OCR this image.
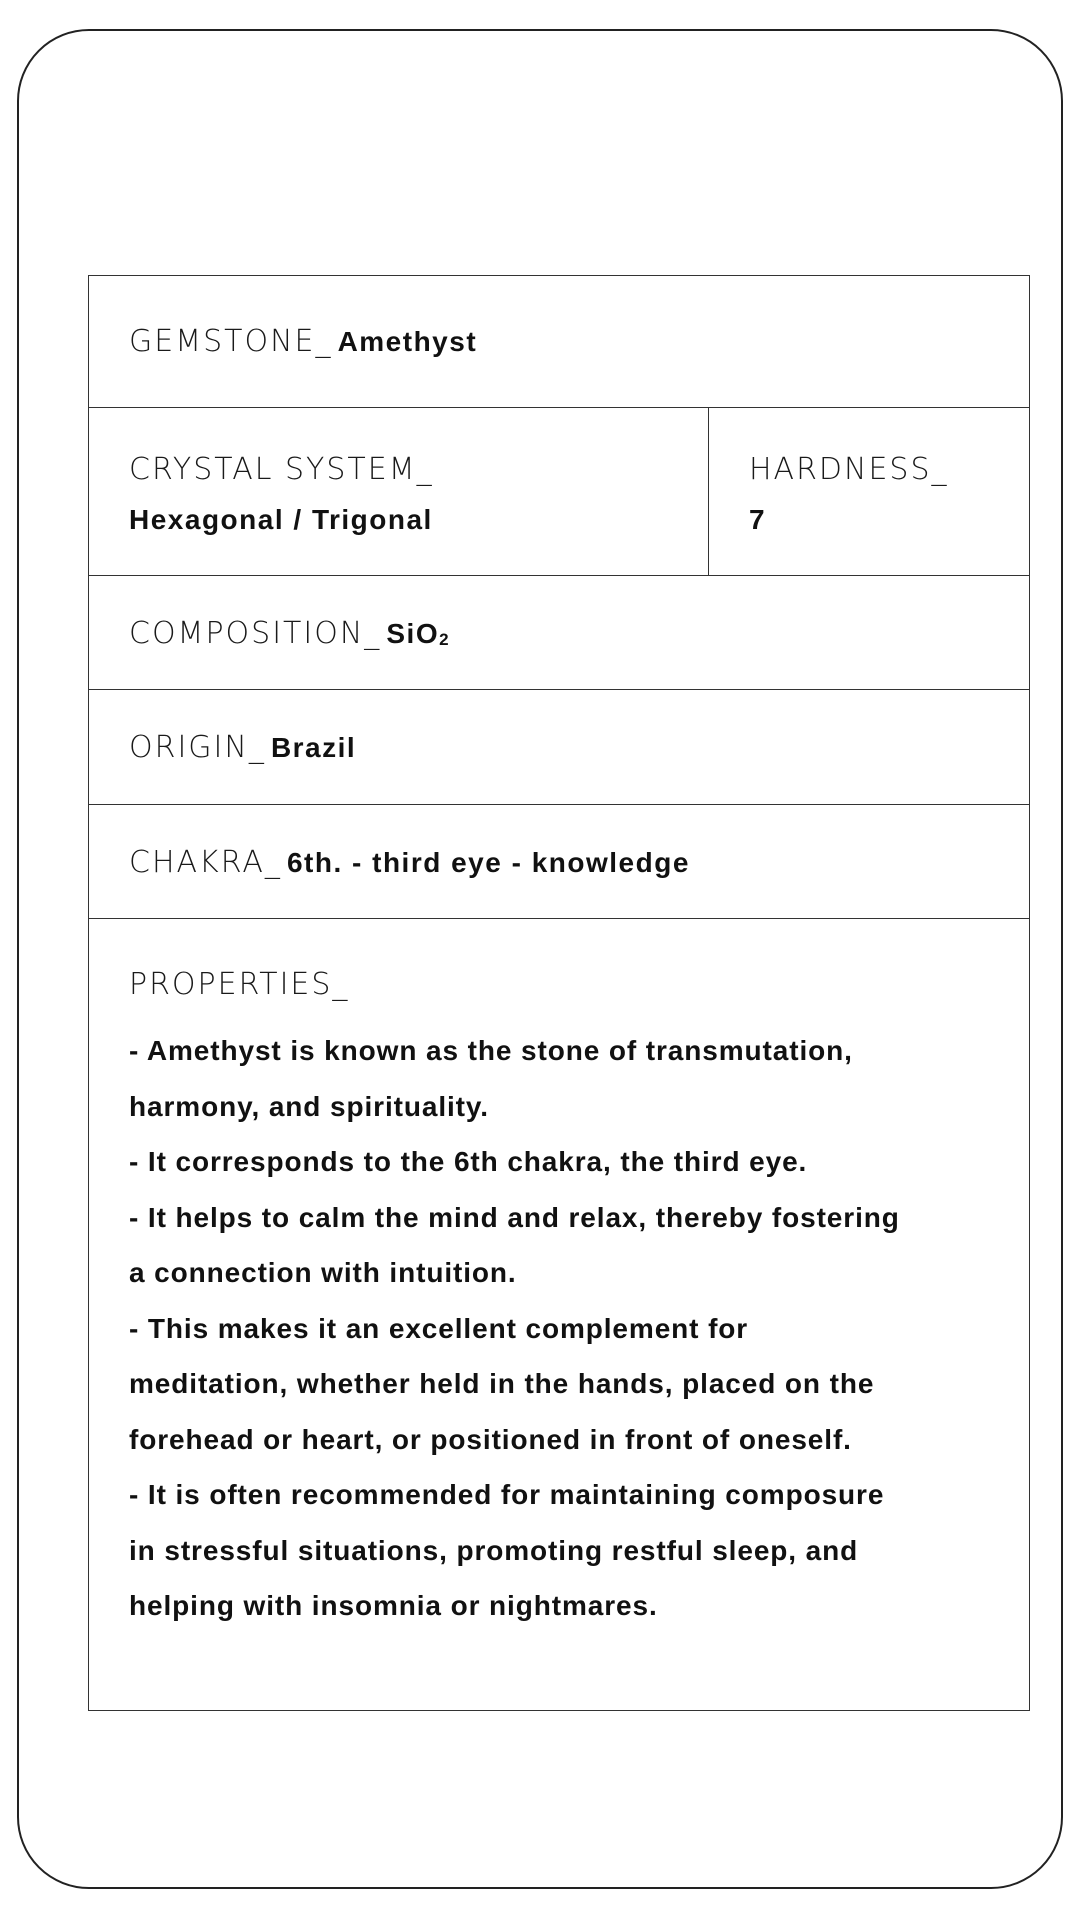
GEMSTONE_ Amethyst
CRYSTAL SYSTEM_
Hexagonal / Trigonal
HARDNESS_
7
COMPOSITION_ SiO2
ORIGIN_ Brazil
CHAKRA_ 6th. - third eye - knowledge
PROPERTIES_
- Amethyst is known as the stone of transmutation,
harmony, and spirituality.
- It corresponds to the 6th chakra, the third eye.
- It helps to calm the mind and relax, thereby fostering
a connection with intuition.
- This makes it an excellent complement for
meditation, whether held in the hands, placed on the
forehead or heart, or positioned in front of oneself.
- It is often recommended for maintaining composure
in stressful situations, promoting restful sleep, and
helping with insomnia or nightmares.
